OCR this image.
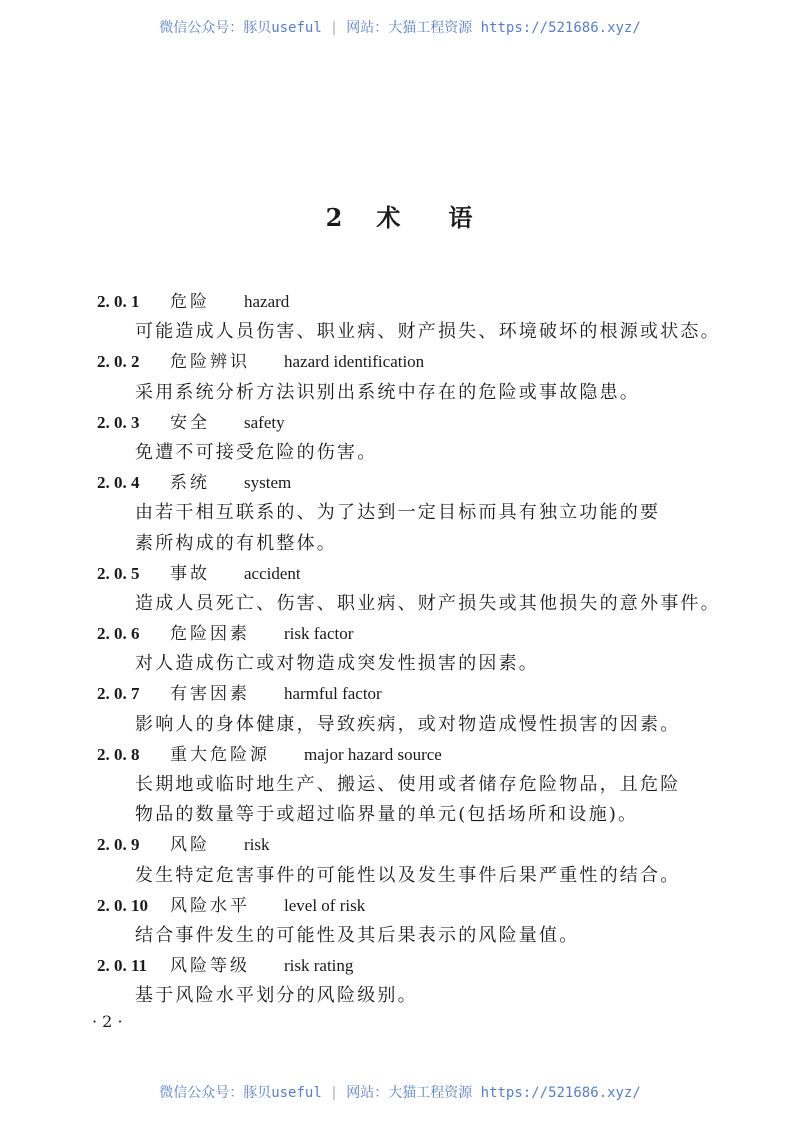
微信公众号：豚贝useful | 网站：大猫工程资源 https://521686.xyz/
2 术 语
2. 0. 1 危险 hazard
可能造成人员伤害、职业病、财产损失、环境破坏的根源或状态。
2. 0. 2 危险辨识 hazard identification
采用系统分析方法识别出系统中存在的危险或事故隐患。
2. 0. 3 安全 safety
免遭不可接受危险的伤害。
2. 0. 4 系统 system
由若干相互联系的、为了达到一定目标而具有独立功能的要
素所构成的有机整体。
2. 0. 5 事故 accident
造成人员死亡、伤害、职业病、财产损失或其他损失的意外事件。
2. 0. 6 危险因素 risk factor
对人造成伤亡或对物造成突发性损害的因素。
2. 0. 7 有害因素 harmful factor
影响人的身体健康，导致疾病，或对物造成慢性损害的因素。
2. 0. 8 重大危险源 major hazard source
长期地或临时地生产、搬运、使用或者储存危险物品，且危险
物品的数量等于或超过临界量的单元(包括场所和设施)。
2. 0. 9 风险 risk
发生特定危害事件的可能性以及发生事件后果严重性的结合。
2. 0. 10 风险水平 level of risk
结合事件发生的可能性及其后果表示的风险量值。
2. 0. 11 风险等级 risk rating
基于风险水平划分的风险级别。
· 2 ·
微信公众号：豚贝useful | 网站：大猫工程资源 https://521686.xyz/
